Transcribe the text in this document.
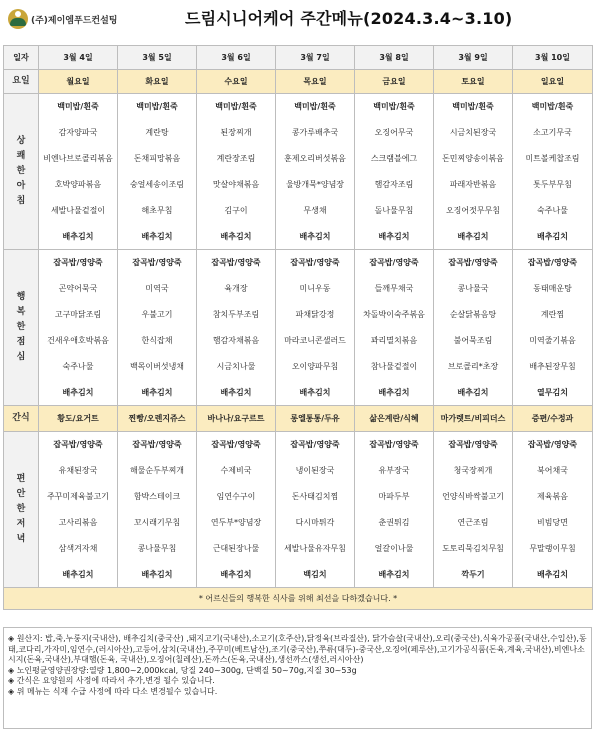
(주)제이엠푸드컨설팅	드림시니어케어 주간메뉴(2024.3.4~3.10)
일자	3월 4일	3월 5일	3월 6일	3월 7일	3월 8일	3월 9일	3월 10일
요일	월요일	화요일	수요일	목요일	금요일	토요일	일요일
상쾌한아침	백미밥/흰죽	백미밥/흰죽	백미밥/흰죽	백미밥/흰죽	백미밥/흰죽	백미밥/흰죽	백미밥/흰죽
	감자양파국	계란탕	된장찌개	콩가루배추국	오징어무국	시금치된장국	소고기무국
	비엔나브로콜리볶음	돈채피망볶음	계란장조림	훈제오리버섯볶음	스크램블에그	돈민찌양송이볶음	미트볼케찹조림
	호박양파볶음	숭얼세송이조림	맛살야채볶음	울방개묵*양념장	햄감자조림	파래자반볶음	톳두부무침
	세발나물겉절이	해초무침	김구이	무생채	돌나물무침	오징어젓무무침	숙주나물
	배추김치	배추김치	배추김치	배추김치	배추김치	배추김치	배추김치
행복한점심	잡곡밥/영양죽	잡곡밥/영양죽	잡곡밥/영양죽	잡곡밥/영양죽	잡곡밥/영양죽	잡곡밥/영양죽	잡곡밥/영양죽
	곤약어묵국	미역국	육개장	미니우동	들깨무채국	콩나물국	동태매운탕
	고구마닭조림	우불고기	참치두부조림	파채닭강정	차돌박이숙주볶음	순살닭볶음탕	계란찜
	건새우애호박볶음	한식잡채	햄감자채볶음	마라코니콘샐러드	꽈리멸치볶음	불어묵조림	미역줄기볶음
	숙주나물	백목이버섯냉채	시금치나물	오이양파무침	참나물겉절이	브로콜리*초장	배추된장무침
	배추김치	배추김치	배추김치	배추김치	배추김치	배추김치	열무김치
간식	황도/요거트	찐빵/오렌지쥬스	바나나/요구르트	롱엘통통/두유	삶은계란/식혜	마가렛트/비피더스	증편/수정과
편안한저녁	잡곡밥/영양죽	잡곡밥/영양죽	잡곡밥/영양죽	잡곡밥/영양죽	잡곡밥/영양죽	잡곡밥/영양죽	잡곡밥/영양죽
	유채된장국	해물순두부찌개	수제비국	냉이된장국	유부장국	청국장찌개	북어채국
	주꾸미제육불고기	함박스테이크	임연수구이	돈사태김치찜	마파두부	언양식바싹불고기	제육볶음
	고사리볶음	꼬시래기무침	연두부*양념장	다시마튀각	춘권튀김	연근조림	비빔당면
	삼색겨자채	콩나물무침	근대된장나물	세발나물유자무침	얼갈이나물	도토리묵김치무침	무말랭이무침
	배추김치	배추김치	배추김치	백김치	배추김치	깍두기	배추김치
* 어르신들의 행복한 식사를 위해 최선을 다하겠습니다. *							

◈ 원산지: 밥,죽,누룽지(국내산), 배추김치(중국산) ,돼지고기(국내산),소고기(호주산),닭정육(브라질산), 닭가슴살(국내산),오리(중국산),식육가공품(국내산,수입산),동태,코다리,가자미,임연수,(러시아산),고등어,삼치(국내산),주꾸미(베트남산),조기(중국산),쭈류(대두)-중국산,오징어(페루산),고기가공식품(돈육,계육,국내산),비엔나소시지(돈육,국내산),부대햄(돈육, 국내산),오징어(칠레산),돈까스(돈육,국내산),생선까스(생선,러시아산)

◈ 노인평균영양권장량:열량 1,800~2,000kcal, 당질 240~300g, 단백질 50~70g,지질 30~53g

◈ 간식은 요양원의 사정에 따라서 추가,변경 될수 있습니다.

◈ 위 메뉴는 식재 수급 사정에 따라 다소 변경될수 있습니다.
